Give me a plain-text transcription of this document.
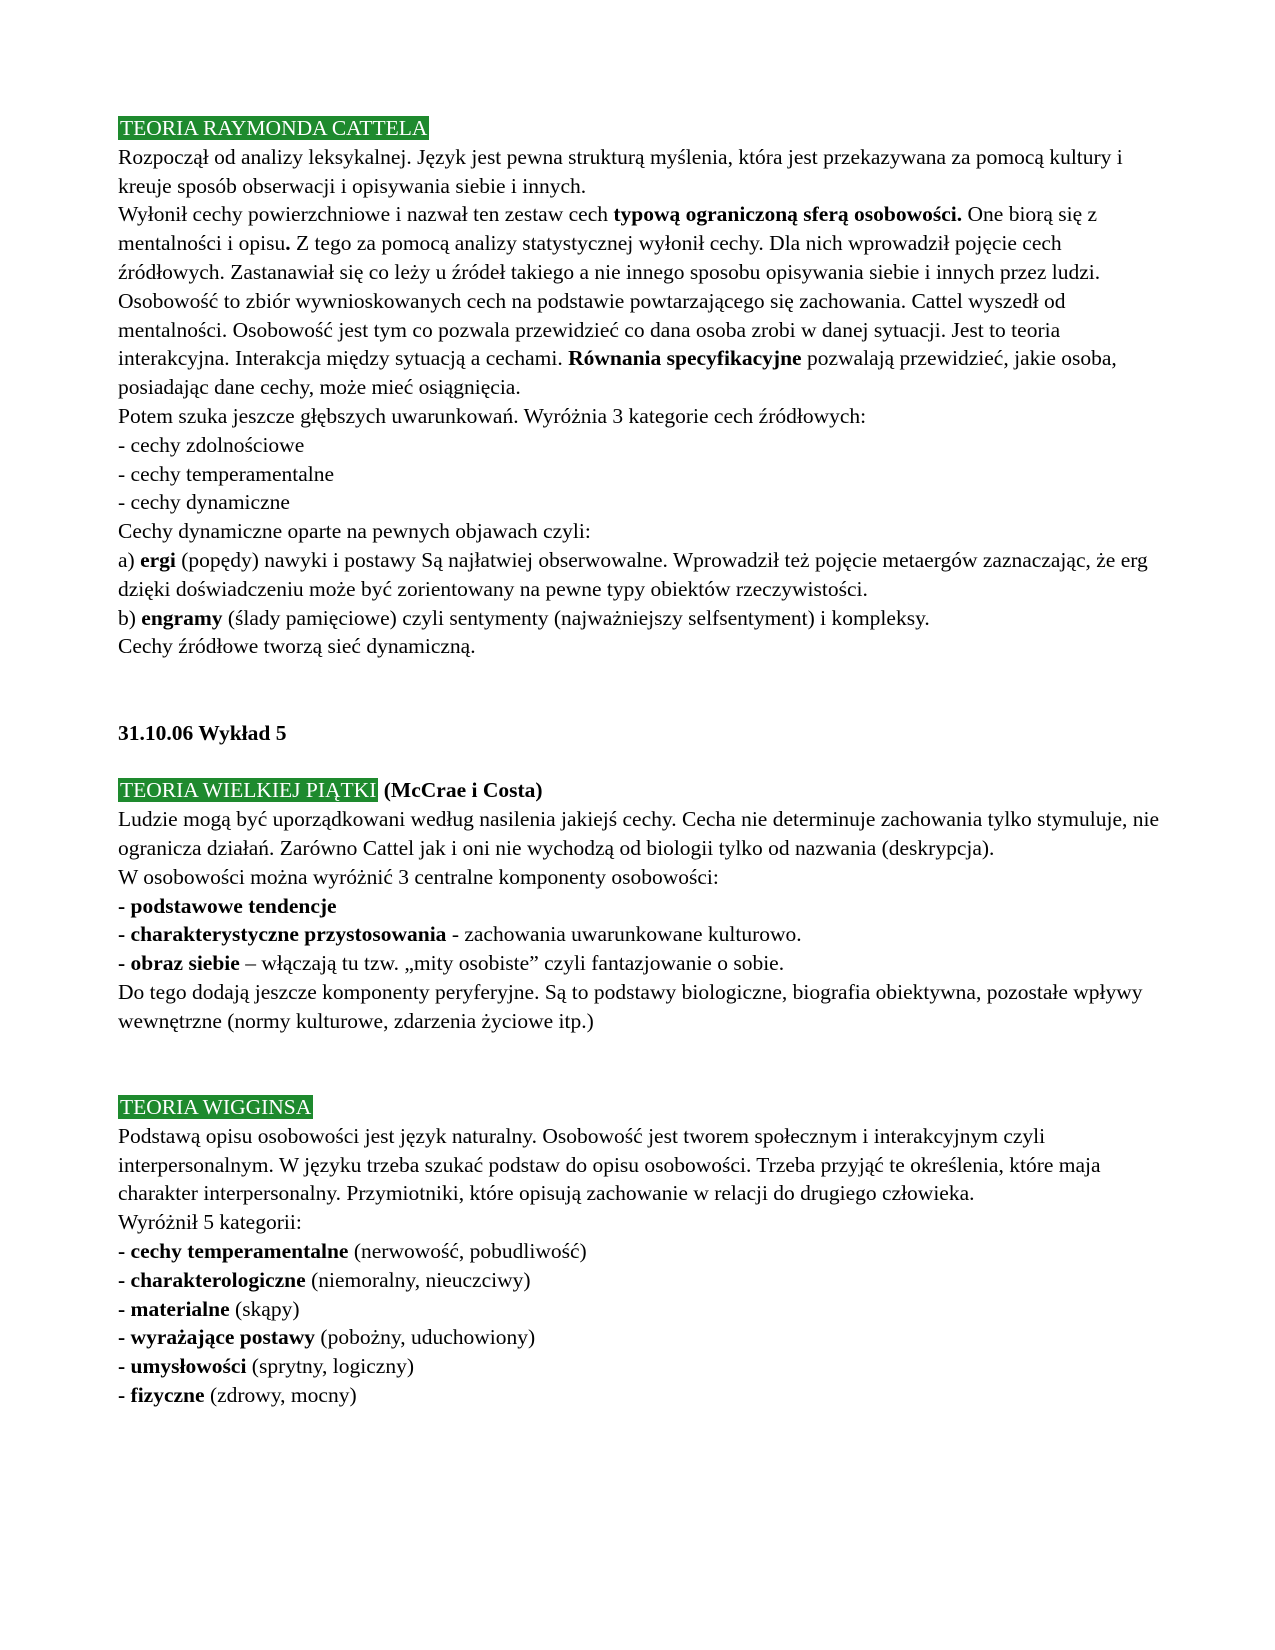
TEORIA RAYMONDA CATTELA

Rozpoczął od analizy leksykalnej. Język jest pewna strukturą myślenia, która jest przekazywana za pomocą kultury i kreuje sposób obserwacji i opisywania siebie i innych.

Wyłonił cechy powierzchniowe i nazwał ten zestaw cech typową ograniczoną sferą osobowości. One biorą się z mentalności i opisu. Z tego za pomocą analizy statystycznej wyłonił cechy. Dla nich wprowadził pojęcie cech źródłowych. Zastanawiał się co leży u źródeł takiego a nie innego sposobu opisywania siebie i innych przez ludzi.

Osobowość to zbiór wywnioskowanych cech na podstawie powtarzającego się zachowania. Cattel wyszedł od mentalności. Osobowość jest tym co pozwala przewidzieć co dana osoba zrobi w danej sytuacji. Jest to teoria interakcyjna. Interakcja między sytuacją a cechami. Równania specyfikacyjne pozwalają przewidzieć, jakie osoba, posiadając dane cechy, może mieć osiągnięcia.

Potem szuka jeszcze głębszych uwarunkowań. Wyróżnia 3 kategorie cech źródłowych:

- cechy zdolnościowe

- cechy temperamentalne

- cechy dynamiczne

Cechy dynamiczne oparte na pewnych objawach czyli:

a) ergi (popędy) nawyki i postawy Są najłatwiej obserwowalne. Wprowadził też pojęcie metaergów zaznaczając, że erg dzięki doświadczeniu może być zorientowany na pewne typy obiektów rzeczywistości.

b) engramy (ślady pamięciowe) czyli sentymenty (najważniejszy selfsentyment) i kompleksy.

Cechy źródłowe tworzą sieć dynamiczną.

31.10.06 Wykład 5

TEORIA WIELKIEJ PIĄTKI (McCrae i Costa)

Ludzie mogą być uporządkowani według nasilenia jakiejś cechy. Cecha nie determinuje zachowania tylko stymuluje, nie ogranicza działań. Zarówno Cattel jak i oni nie wychodzą od biologii tylko od nazwania (deskrypcja).

W osobowości można wyróżnić 3 centralne komponenty osobowości:

- podstawowe tendencje

- charakterystyczne przystosowania - zachowania uwarunkowane kulturowo.

- obraz siebie – włączają tu tzw. „mity osobiste” czyli fantazjowanie o sobie.

Do tego dodają jeszcze komponenty peryferyjne. Są to podstawy biologiczne, biografia obiektywna, pozostałe wpływy wewnętrzne (normy kulturowe, zdarzenia życiowe itp.)

TEORIA WIGGINSA

Podstawą opisu osobowości jest język naturalny. Osobowość jest tworem społecznym i interakcyjnym czyli interpersonalnym. W języku trzeba szukać podstaw do opisu osobowości. Trzeba przyjąć te określenia, które maja charakter interpersonalny. Przymiotniki, które opisują zachowanie w relacji do drugiego człowieka.

Wyróżnił 5 kategorii:

- cechy temperamentalne (nerwowość, pobudliwość)

- charakterologiczne (niemoralny, nieuczciwy)

- materialne (skąpy)

- wyrażające postawy (pobożny, uduchowiony)

- umysłowości (sprytny, logiczny)

- fizyczne (zdrowy, mocny)
